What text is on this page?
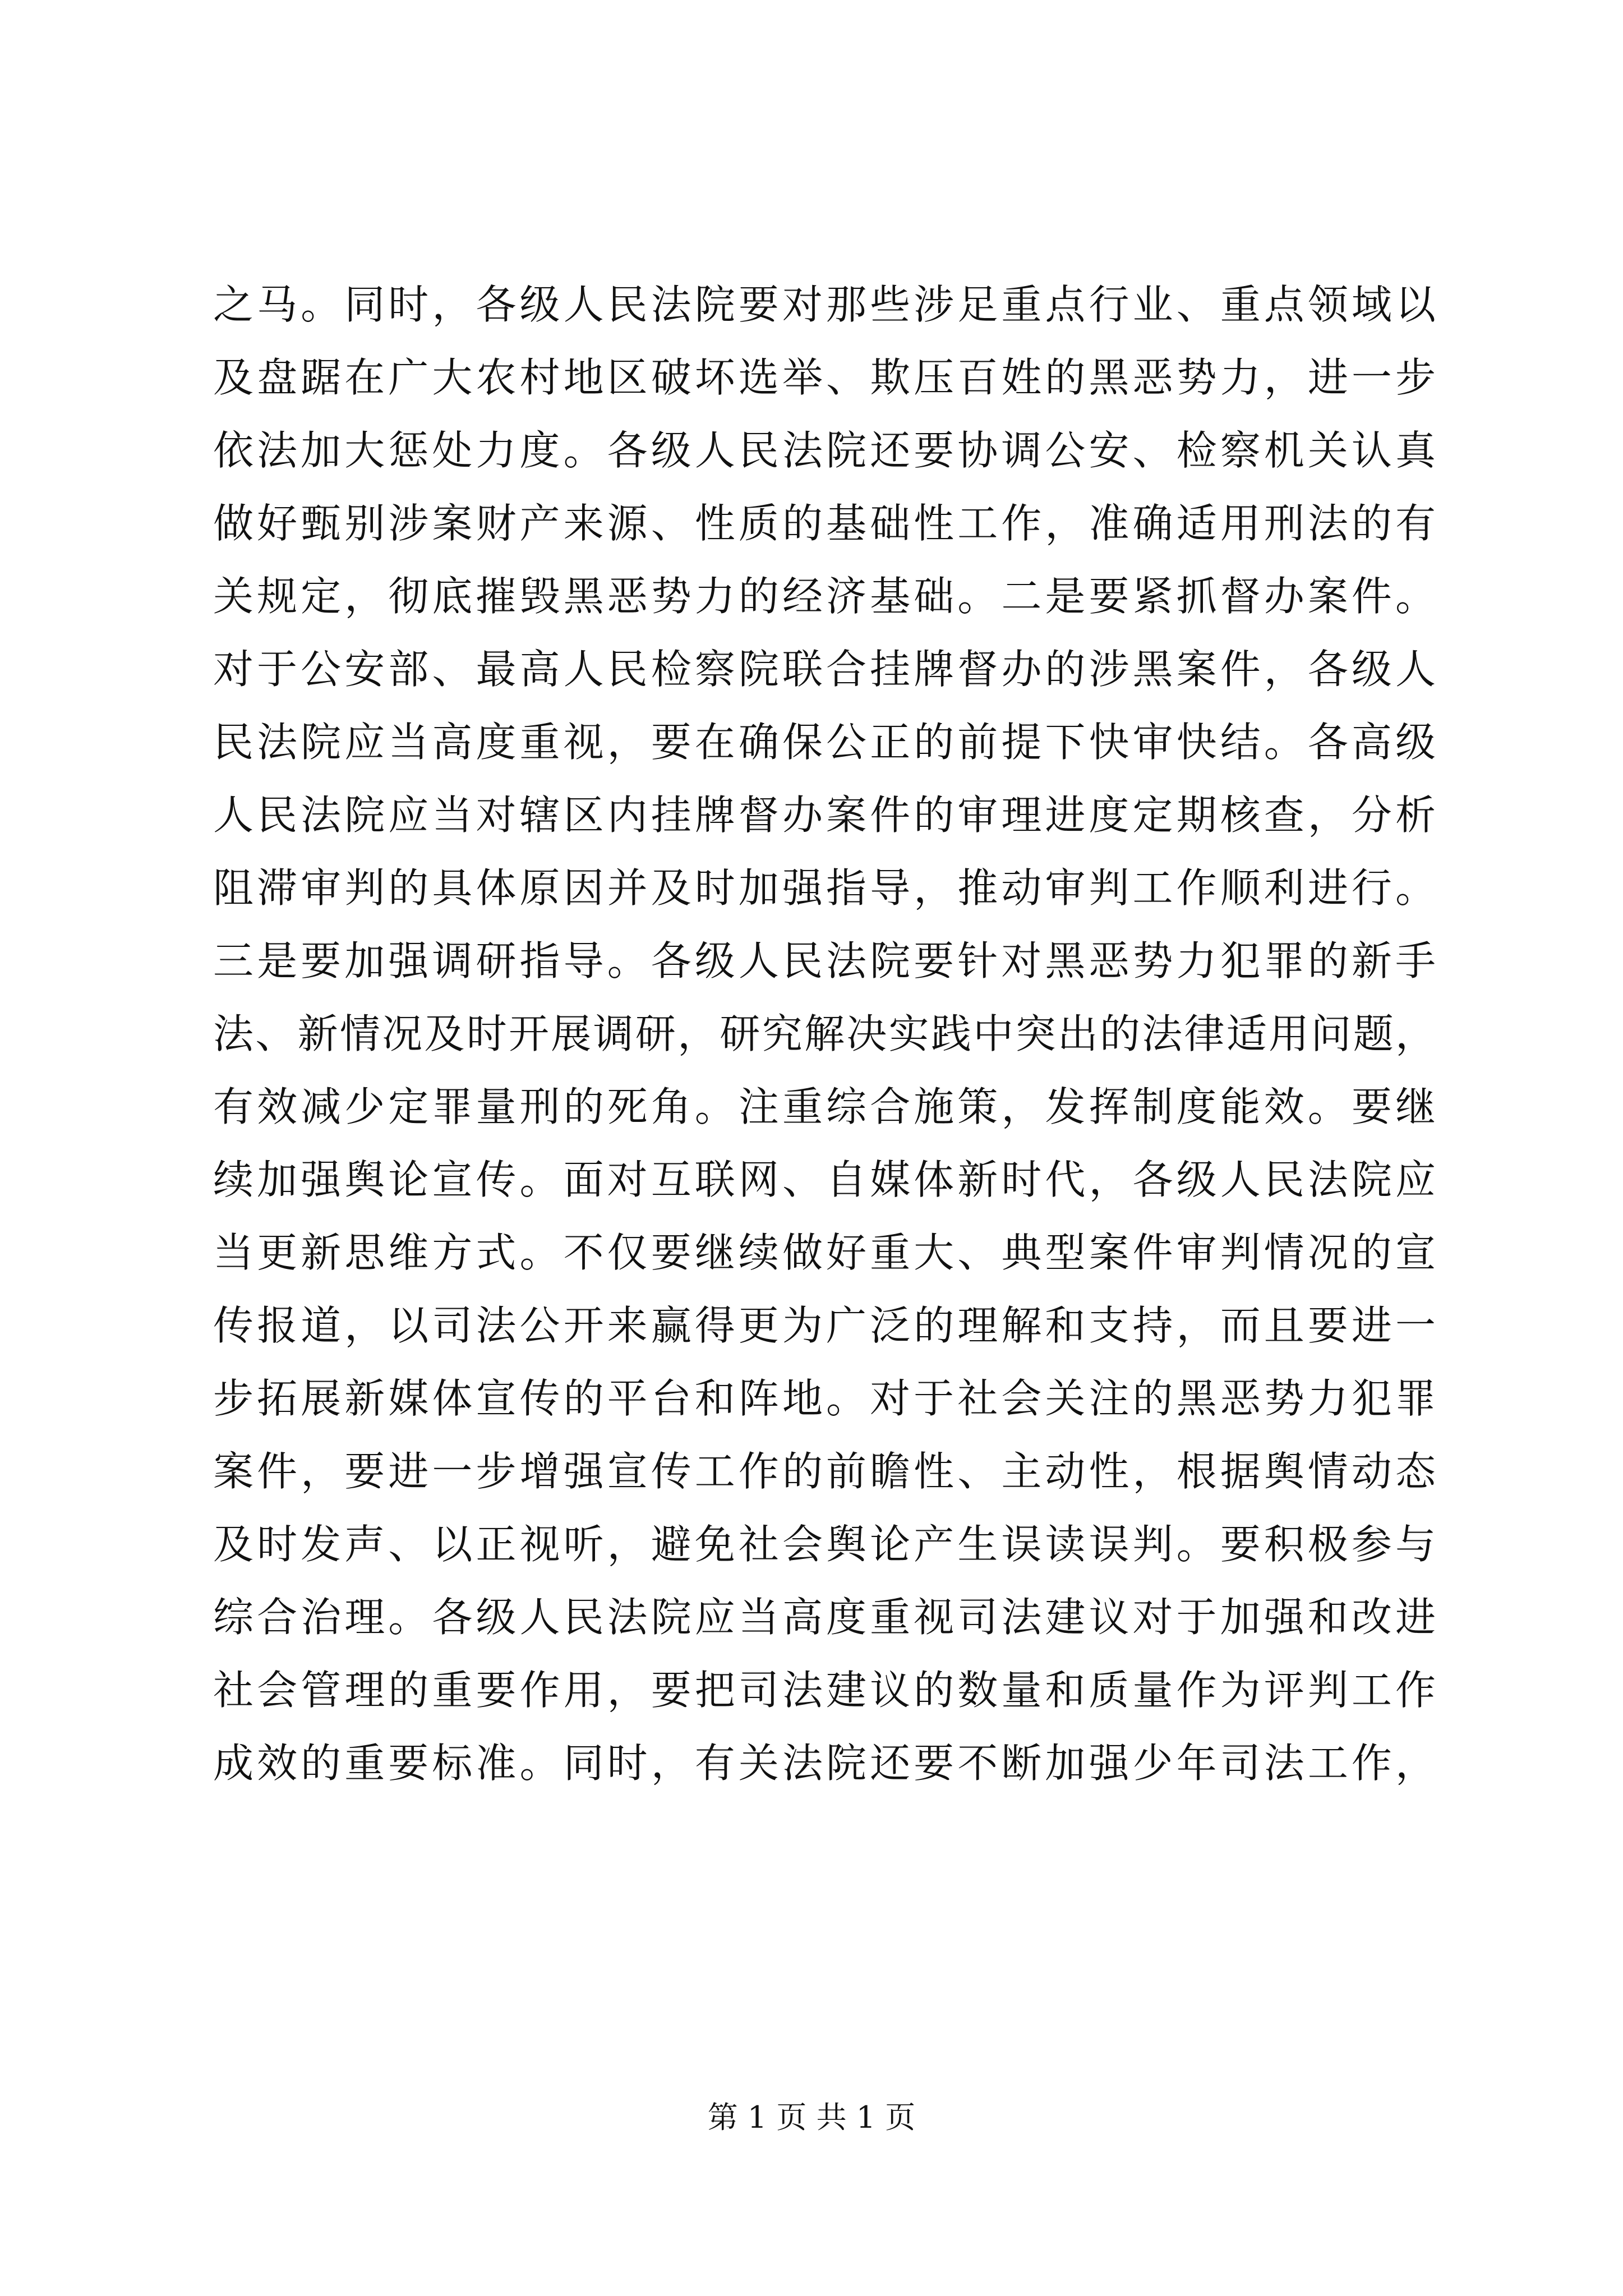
之马。同时，各级人民法院要对那些涉足重点行业、重点领域以
及盘踞在广大农村地区破坏选举、欺压百姓的黑恶势力，进一步
依法加大惩处力度。各级人民法院还要协调公安、检察机关认真
做好甄别涉案财产来源、性质的基础性工作，准确适用刑法的有
关规定，彻底摧毁黑恶势力的经济基础。二是要紧抓督办案件。
对于公安部、最高人民检察院联合挂牌督办的涉黑案件，各级人
民法院应当高度重视，要在确保公正的前提下快审快结。各高级
人民法院应当对辖区内挂牌督办案件的审理进度定期核查，分析
阻滞审判的具体原因并及时加强指导，推动审判工作顺利进行。
三是要加强调研指导。各级人民法院要针对黑恶势力犯罪的新手
法、新情况及时开展调研，研究解决实践中突出的法律适用问题，
有效减少定罪量刑的死角。注重综合施策，发挥制度能效。要继
续加强舆论宣传。面对互联网、自媒体新时代，各级人民法院应
当更新思维方式。不仅要继续做好重大、典型案件审判情况的宣
传报道，以司法公开来赢得更为广泛的理解和支持，而且要进一
步拓展新媒体宣传的平台和阵地。对于社会关注的黑恶势力犯罪
案件，要进一步增强宣传工作的前瞻性、主动性，根据舆情动态
及时发声、以正视听，避免社会舆论产生误读误判。要积极参与
综合治理。各级人民法院应当高度重视司法建议对于加强和改进
社会管理的重要作用，要把司法建议的数量和质量作为评判工作
成效的重要标准。同时，有关法院还要不断加强少年司法工作，
第 1 页 共 1 页
